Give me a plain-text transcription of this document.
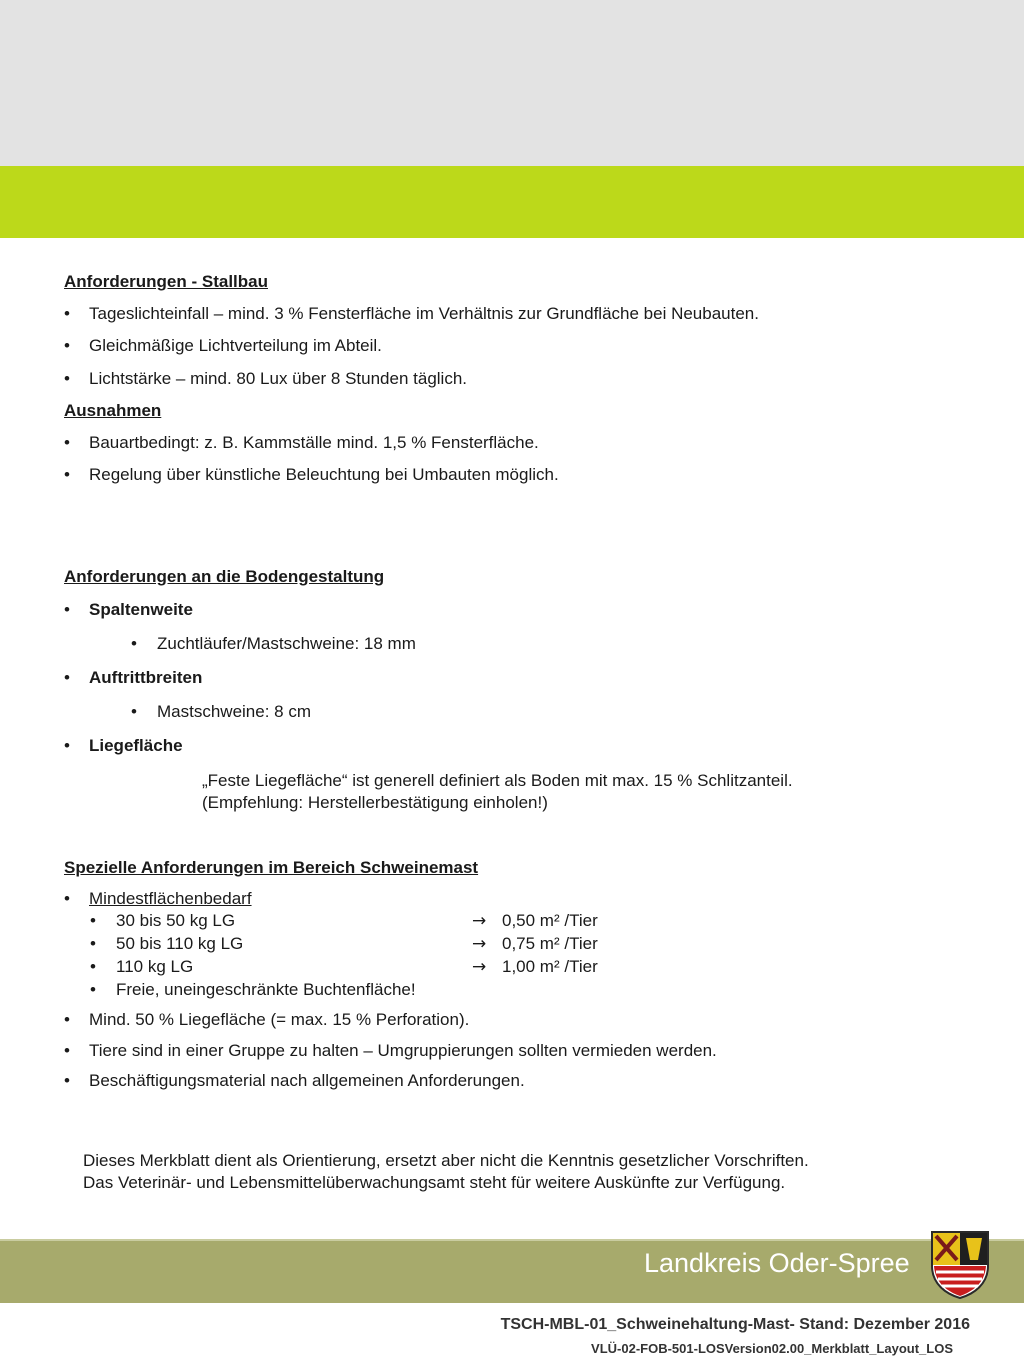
Anforderungen - Stallbau
• Tageslichteinfall – mind. 3 % Fensterfläche im Verhältnis zur Grundfläche bei Neubauten.
• Gleichmäßige Lichtverteilung im Abteil.
• Lichtstärke – mind. 80 Lux über 8 Stunden täglich.
Ausnahmen
• Bauartbedingt: z. B. Kammställe mind. 1,5 % Fensterfläche.
• Regelung über künstliche Beleuchtung bei Umbauten möglich.
Anforderungen an die Bodengestaltung
• Spaltenweite
• Zuchtläufer/Mastschweine: 18 mm
• Auftrittbreiten
• Mastschweine: 8 cm
• Liegefläche
„Feste Liegefläche“ ist generell definiert als Boden mit max. 15 % Schlitzanteil.
(Empfehlung: Herstellerbestätigung einholen!)
Spezielle Anforderungen im Bereich Schweinemast
• Mindestflächenbedarf
• 30 bis 50 kg LG	→ 0,50 m² /Tier
• 50 bis 110 kg LG	→ 0,75 m² /Tier
• 110 kg LG	→ 1,00 m² /Tier
• Freie, uneingeschränkte Buchtenfläche!
• Mind. 50 % Liegefläche (= max. 15 % Perforation).
• Tiere sind in einer Gruppe zu halten – Umgruppierungen sollten vermieden werden.
• Beschäftigungsmaterial nach allgemeinen Anforderungen.
Dieses Merkblatt dient als Orientierung, ersetzt aber nicht die Kenntnis gesetzlicher Vorschriften.
Das Veterinär- und Lebensmittelüberwachungsamt steht für weitere Auskünfte zur Verfügung.
Landkreis Oder-Spree
TSCH-MBL-01_Schweinehaltung-Mast- Stand: Dezember 2016
VLÜ-02-FOB-501-LOSVersion02.00_Merkblatt_Layout_LOS
